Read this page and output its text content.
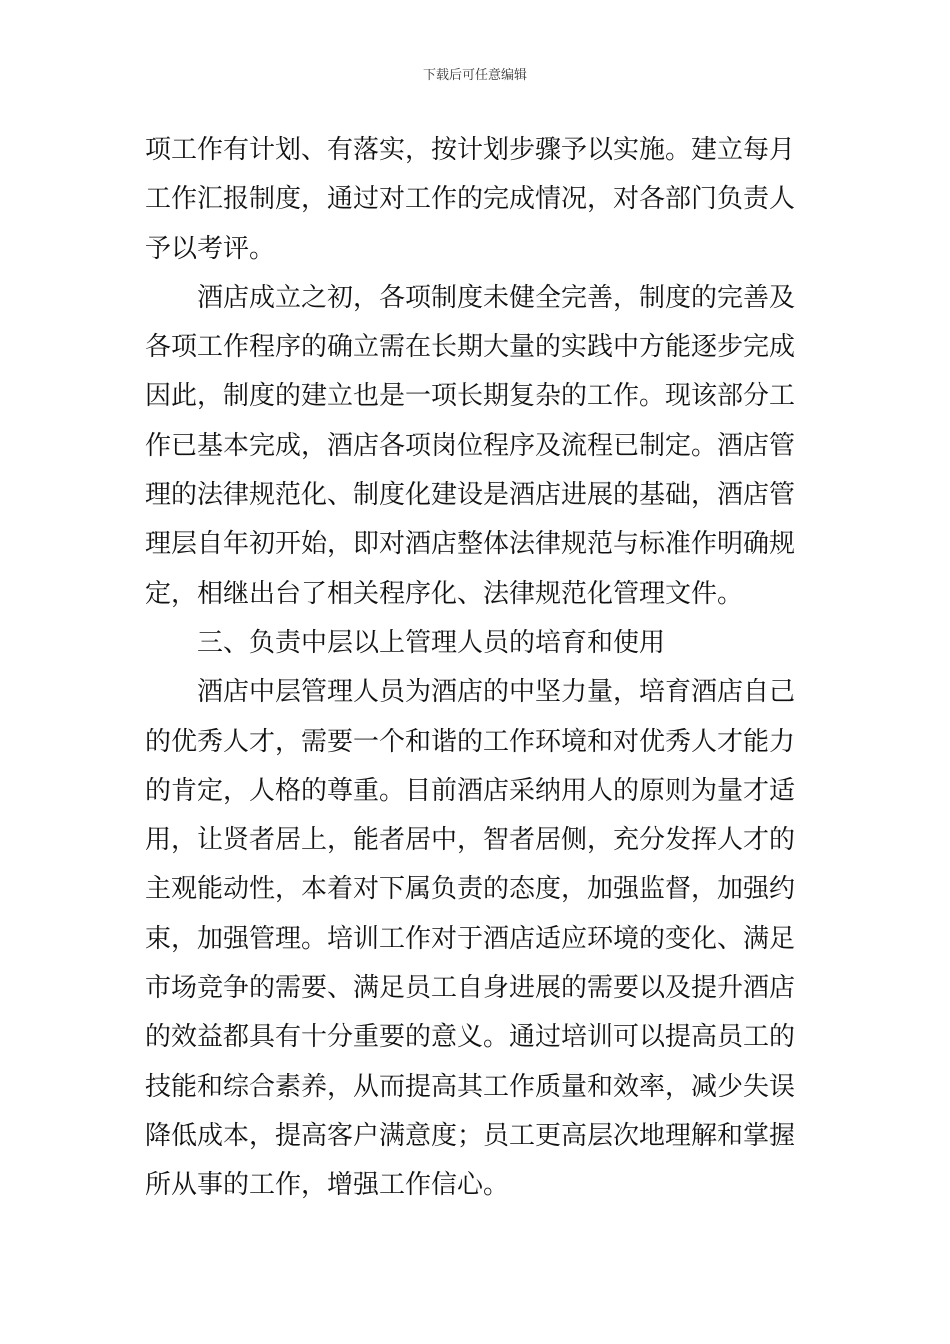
下载后可任意编辑
项工作有计划、有落实，按计划步骤予以实施。建立每月
工作汇报制度，通过对工作的完成情况，对各部门负责人
予以考评。
酒店成立之初，各项制度未健全完善，制度的完善及
各项工作程序的确立需在长期大量的实践中方能逐步完成
因此，制度的建立也是一项长期复杂的工作。现该部分工
作已基本完成，酒店各项岗位程序及流程已制定。酒店管
理的法律规范化、制度化建设是酒店进展的基础，酒店管
理层自年初开始，即对酒店整体法律规范与标准作明确规
定，相继出台了相关程序化、法律规范化管理文件。
三、负责中层以上管理人员的培育和使用
酒店中层管理人员为酒店的中坚力量，培育酒店自己
的优秀人才，需要一个和谐的工作环境和对优秀人才能力
的肯定，人格的尊重。目前酒店采纳用人的原则为量才适
用，让贤者居上，能者居中，智者居侧，充分发挥人才的
主观能动性，本着对下属负责的态度，加强监督，加强约
束，加强管理。培训工作对于酒店适应环境的变化、满足
市场竞争的需要、满足员工自身进展的需要以及提升酒店
的效益都具有十分重要的意义。通过培训可以提高员工的
技能和综合素养，从而提高其工作质量和效率，减少失误
降低成本，提高客户满意度；员工更高层次地理解和掌握
所从事的工作，增强工作信心。
